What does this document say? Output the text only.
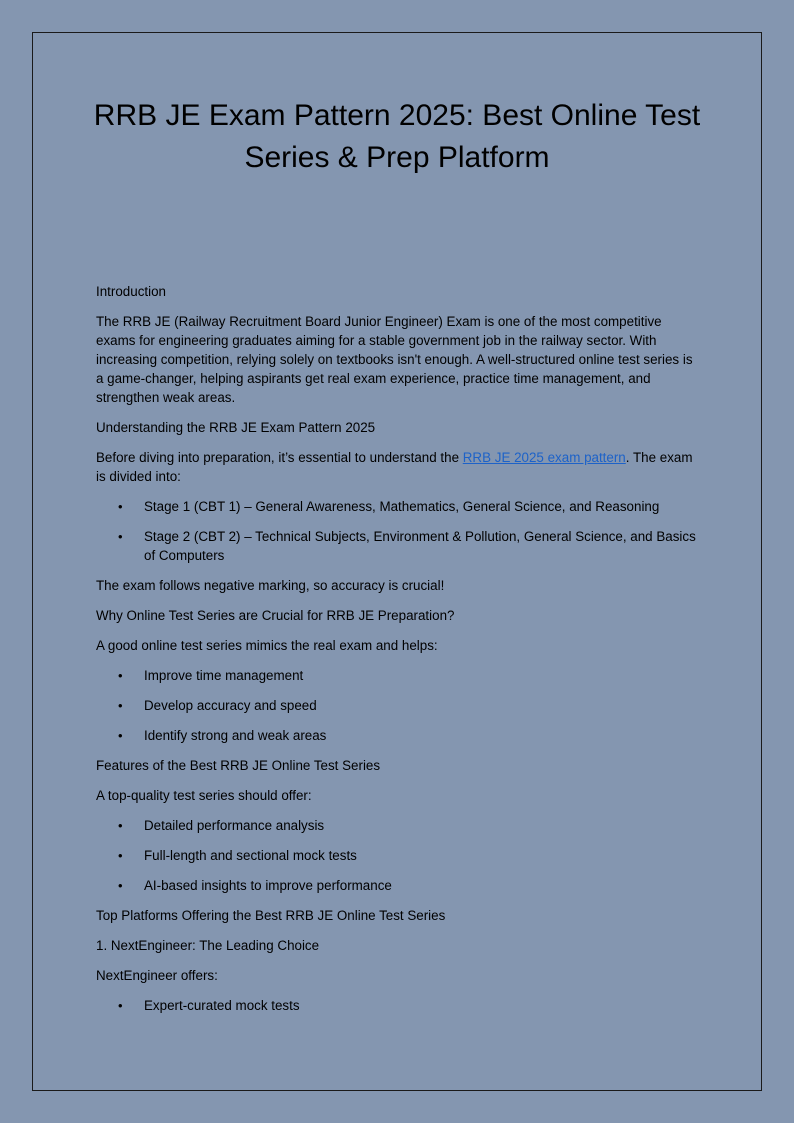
RRB JE Exam Pattern 2025: Best Online Test
Series & Prep Platform

Introduction

The RRB JE (Railway Recruitment Board Junior Engineer) Exam is one of the most competitive exams for engineering graduates aiming for a stable government job in the railway sector. With increasing competition, relying solely on textbooks isn't enough. A well-structured online test series is a game-changer, helping aspirants get real exam experience, practice time management, and strengthen weak areas.

Understanding the RRB JE Exam Pattern 2025

Before diving into preparation, it’s essential to understand the RRB JE 2025 exam pattern. The exam is divided into:

• Stage 1 (CBT 1) – General Awareness, Mathematics, General Science, and Reasoning
• Stage 2 (CBT 2) – Technical Subjects, Environment & Pollution, General Science, and Basics of Computers

The exam follows negative marking, so accuracy is crucial!

Why Online Test Series are Crucial for RRB JE Preparation?

A good online test series mimics the real exam and helps:

• Improve time management
• Develop accuracy and speed
• Identify strong and weak areas

Features of the Best RRB JE Online Test Series

A top-quality test series should offer:

• Detailed performance analysis
• Full-length and sectional mock tests
• AI-based insights to improve performance

Top Platforms Offering the Best RRB JE Online Test Series

1. NextEngineer: The Leading Choice

NextEngineer offers:

• Expert-curated mock tests
